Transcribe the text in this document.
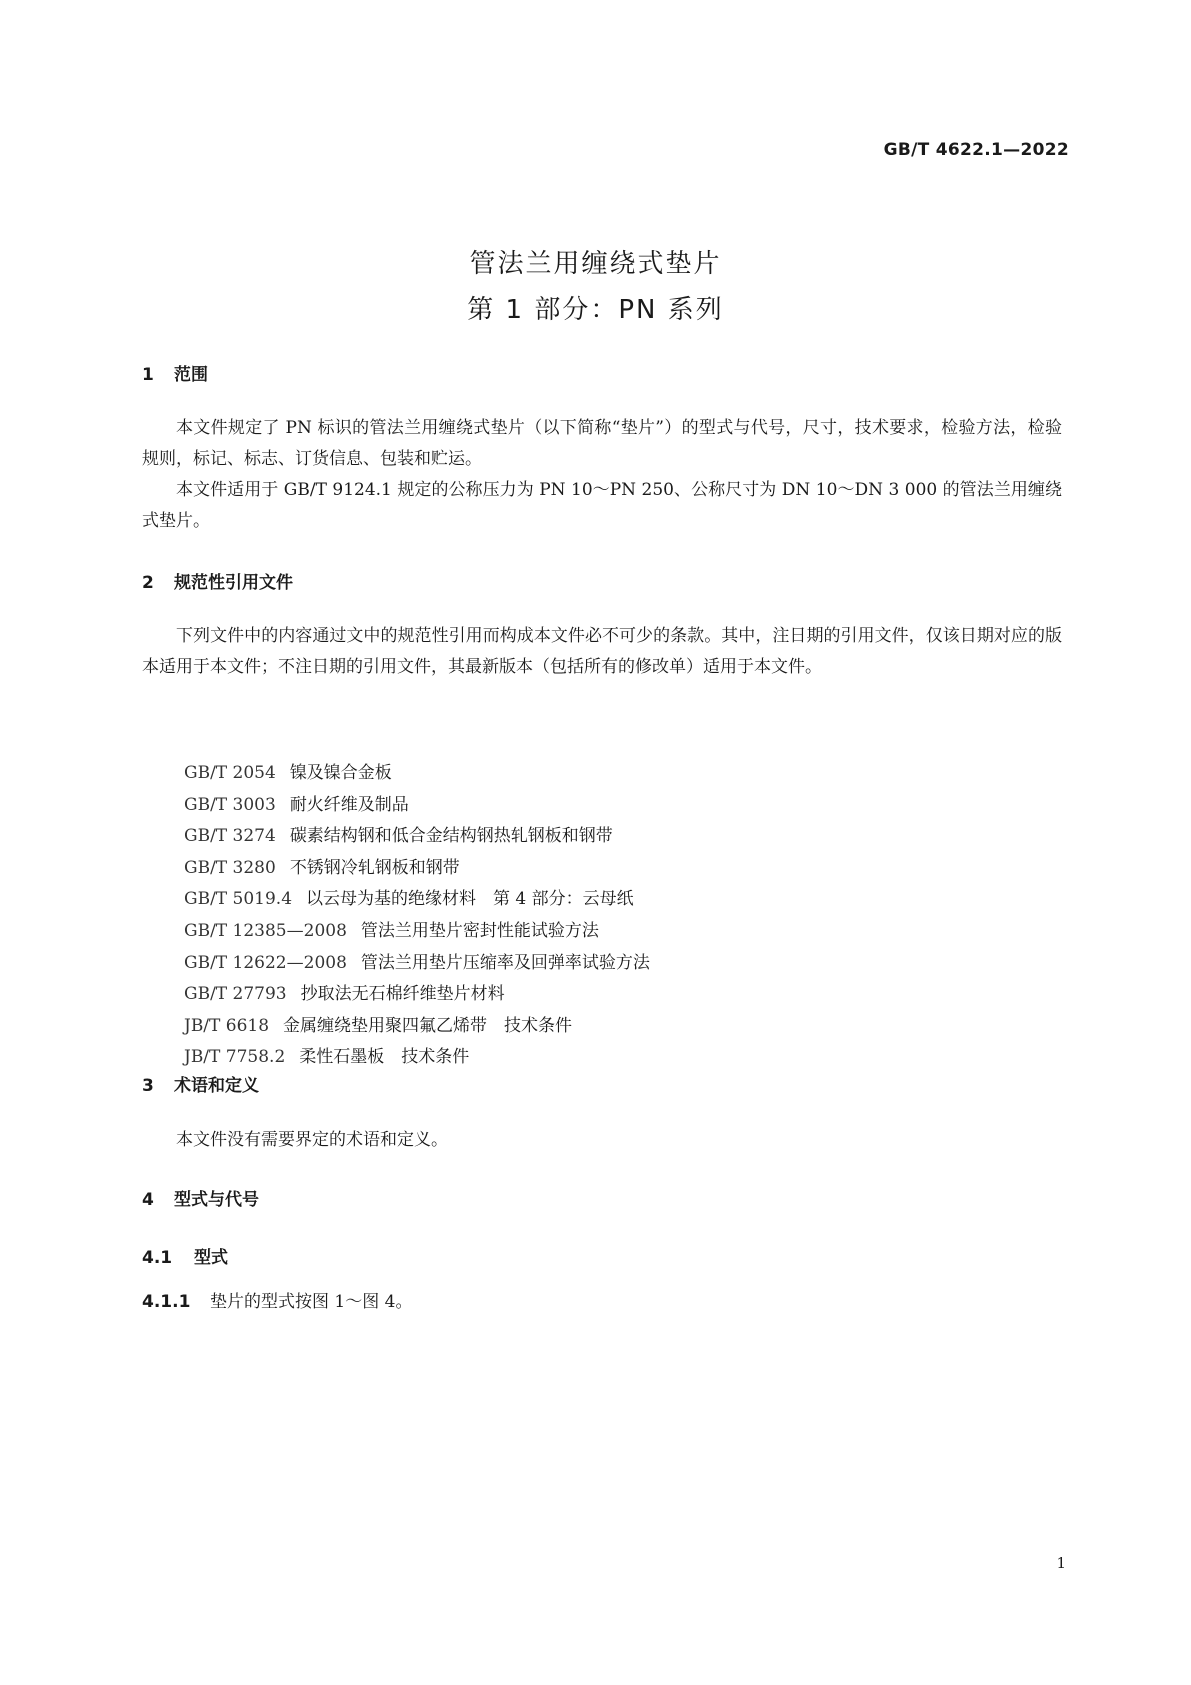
GB/T 4622.1—2022
管法兰用缠绕式垫片
第 1 部分：PN 系列
1 范围
本文件规定了 PN 标识的管法兰用缠绕式垫片（以下简称“垫片”）的型式与代号，尺寸，技术要求，检验方法，检验规则，标记、标志、订货信息、包装和贮运。
本文件适用于 GB/T 9124.1 规定的公称压力为 PN 10～PN 250、公称尺寸为 DN 10～DN 3 000 的管法兰用缠绕式垫片。
2 规范性引用文件
下列文件中的内容通过文中的规范性引用而构成本文件必不可少的条款。其中，注日期的引用文件，仅该日期对应的版本适用于本文件；不注日期的引用文件，其最新版本（包括所有的修改单）适用于本文件。
GB/T 2054 镍及镍合金板
GB/T 3003 耐火纤维及制品
GB/T 3274 碳素结构钢和低合金结构钢热轧钢板和钢带
GB/T 3280 不锈钢冷轧钢板和钢带
GB/T 5019.4 以云母为基的绝缘材料　第 4 部分：云母纸
GB/T 12385—2008 管法兰用垫片密封性能试验方法
GB/T 12622—2008 管法兰用垫片压缩率及回弹率试验方法
GB/T 27793 抄取法无石棉纤维垫片材料
JB/T 6618 金属缠绕垫用聚四氟乙烯带　技术条件
JB/T 7758.2 柔性石墨板　技术条件
3 术语和定义
本文件没有需要界定的术语和定义。
4 型式与代号
4.1 型式
4.1.1 垫片的型式按图 1～图 4。
1
